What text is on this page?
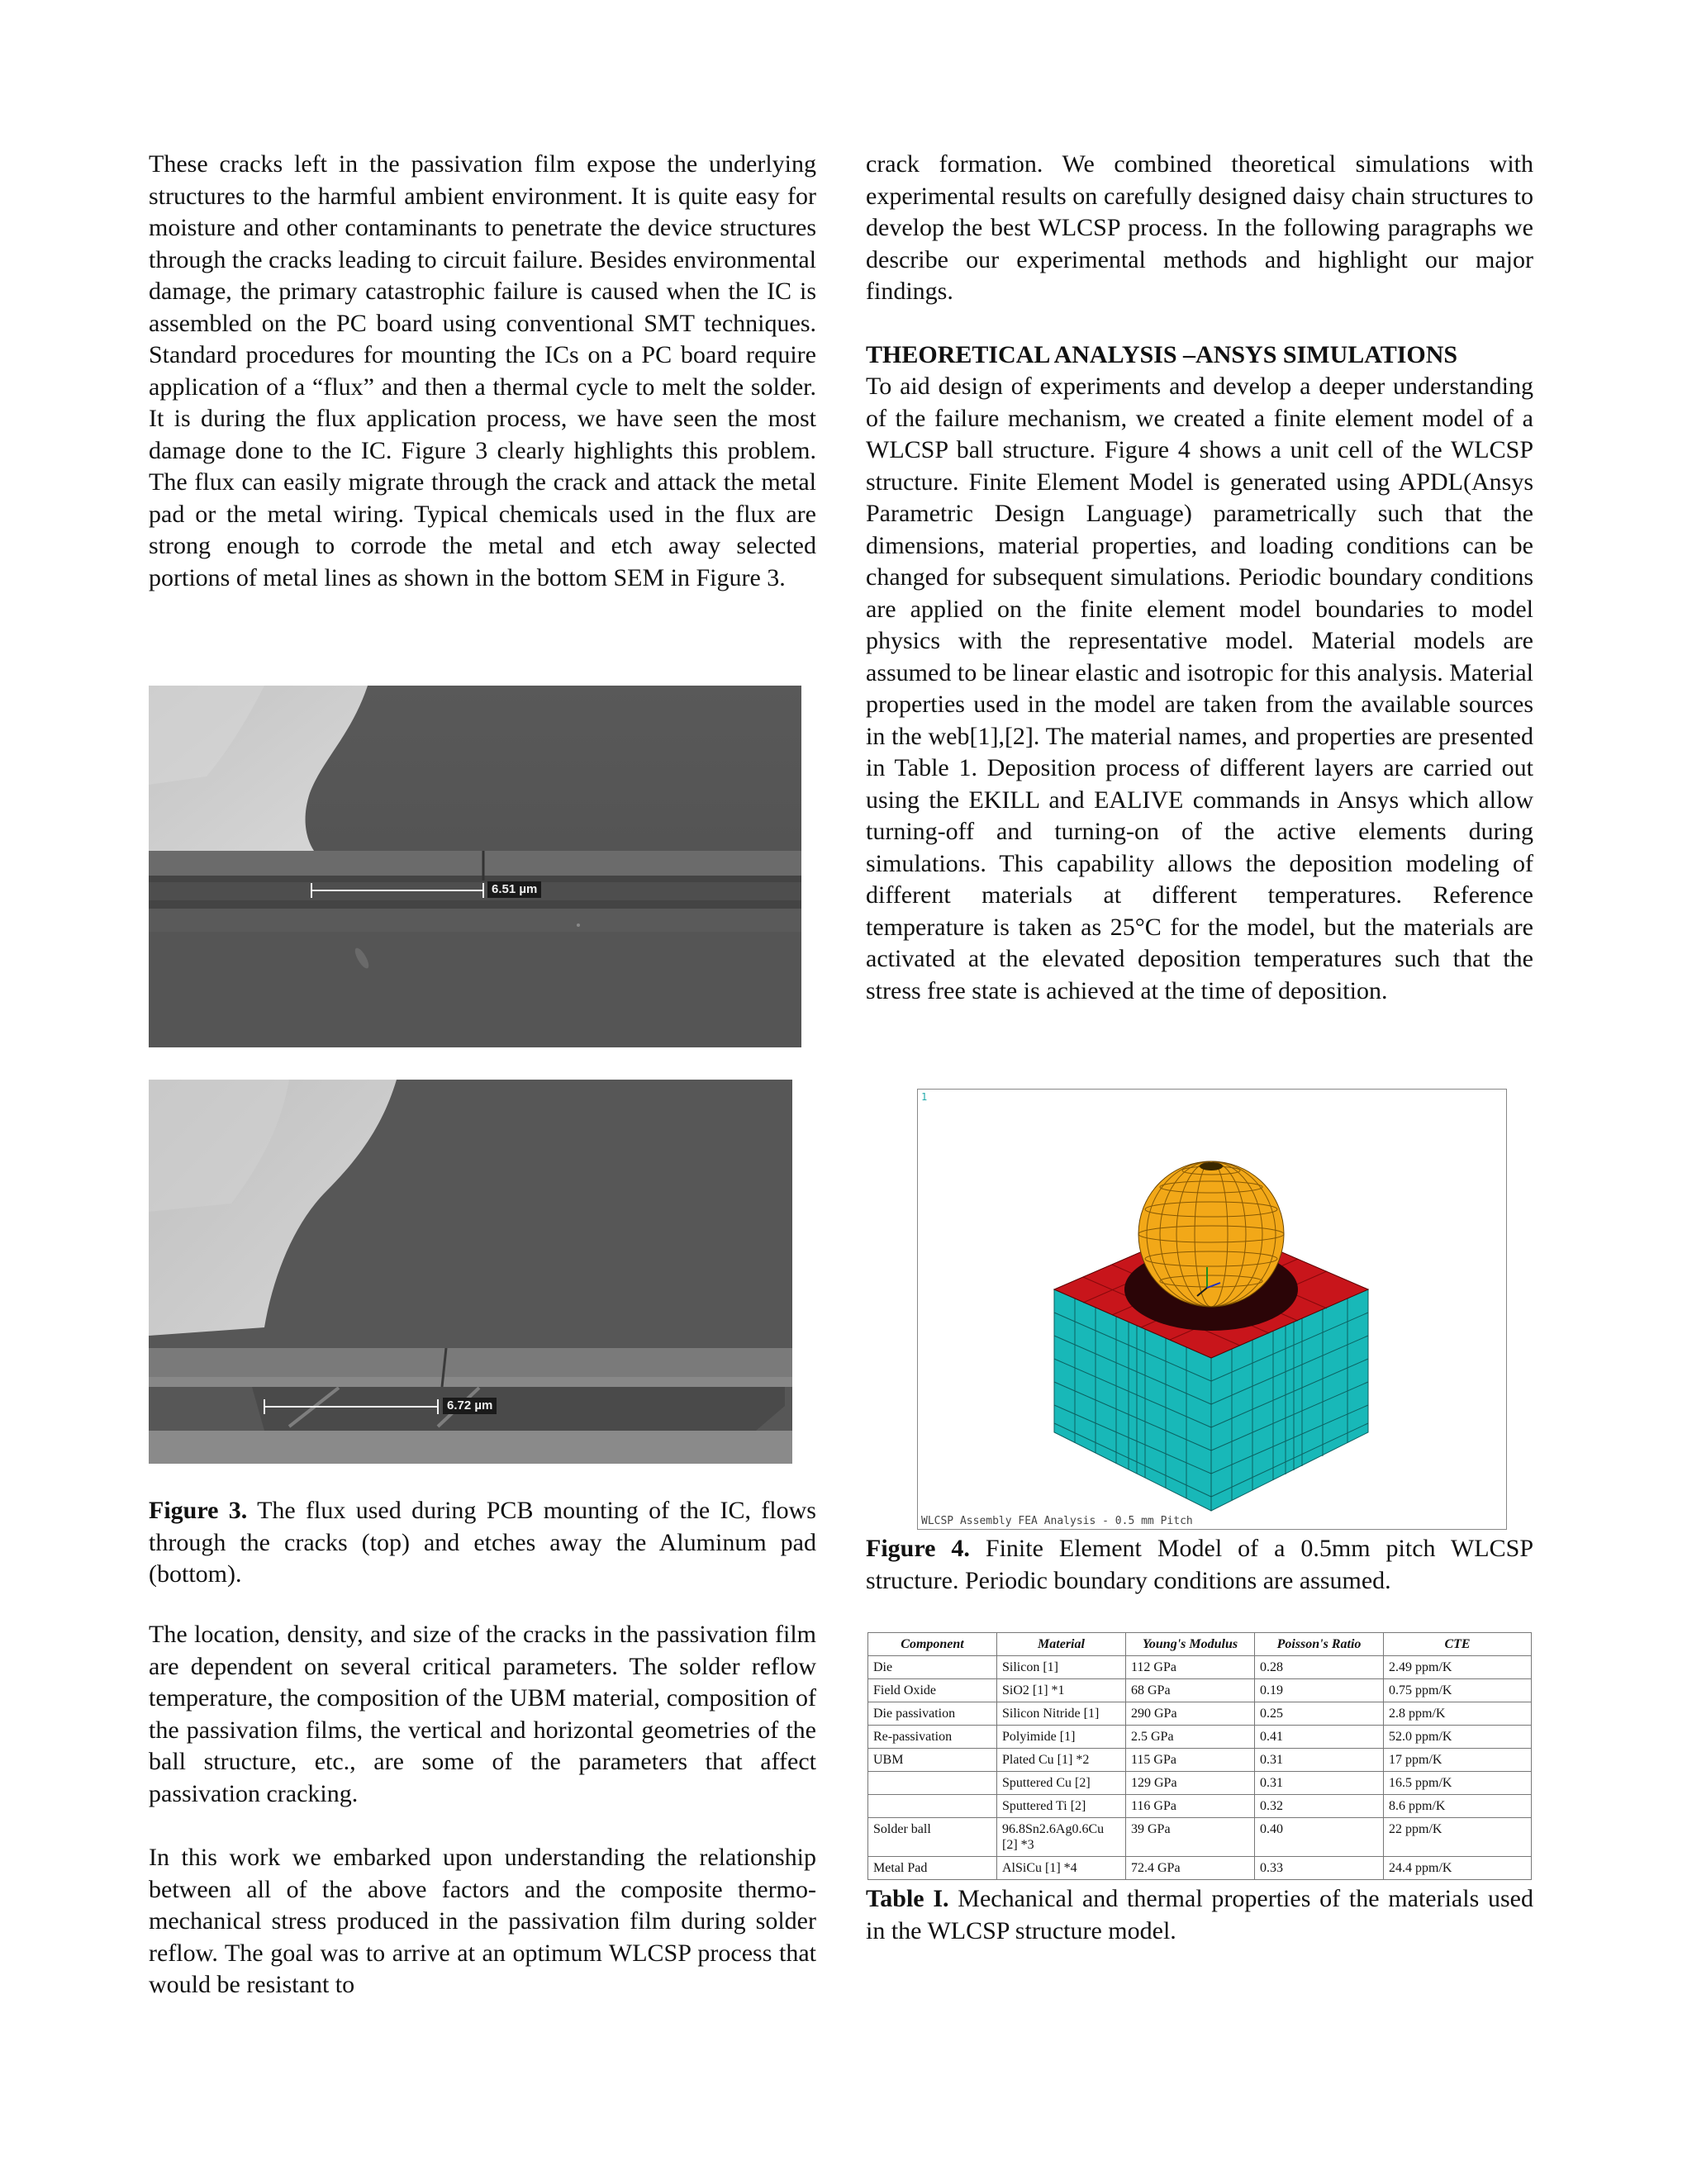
These cracks left in the passivation film expose the underlying structures to the harmful ambient environment. It is quite easy for moisture and other contaminants to penetrate the device structures through the cracks leading to circuit failure. Besides environmental damage, the primary catastrophic failure is caused when the IC is assembled on the PC board using conventional SMT techniques. Standard procedures for mounting the ICs on a PC board require application of a “flux” and then a thermal cycle to melt the solder. It is during the flux application process, we have seen the most damage done to the IC. Figure 3 clearly highlights this problem. The flux can easily migrate through the crack and attack the metal pad or the metal wiring. Typical chemicals used in the flux are strong enough to corrode the metal and etch away selected portions of metal lines as shown in the bottom SEM in Figure 3.

6.51 µm
6.72 µm

Figure 3. The flux used during PCB mounting of the IC, flows through the cracks (top) and etches away the Aluminum pad (bottom).

The location, density, and size of the cracks in the passivation film are dependent on several critical parameters. The solder reflow temperature, the composition of the UBM material, composition of the passivation films, the vertical and horizontal geometries of the ball structure, etc., are some of the parameters that affect passivation cracking.

In this work we embarked upon understanding the relationship between all of the above factors and the composite thermo-mechanical stress produced in the passivation film during solder reflow. The goal was to arrive at an optimum WLCSP process that would be resistant to

crack formation. We combined theoretical simulations with experimental results on carefully designed daisy chain structures to develop the best WLCSP process. In the following paragraphs we describe our experimental methods and highlight our major findings.

THEORETICAL ANALYSIS –ANSYS SIMULATIONS

To aid design of experiments and develop a deeper understanding of the failure mechanism, we created a finite element model of a WLCSP ball structure. Figure 4 shows a unit cell of the WLCSP structure. Finite Element Model is generated using APDL(Ansys Parametric Design Language) parametrically such that the dimensions, material properties, and loading conditions can be changed for subsequent simulations. Periodic boundary conditions are applied on the finite element model boundaries to model physics with the representative model. Material models are assumed to be linear elastic and isotropic for this analysis. Material properties used in the model are taken from the available sources in the web[1],[2]. The material names, and properties are presented in Table 1. Deposition process of different layers are carried out using the EKILL and EALIVE commands in Ansys which allow turning-off and turning-on of the active elements during simulations. This capability allows the deposition modeling of different materials at different temperatures. Reference temperature is taken as 25°C for the model, but the materials are activated at the elevated deposition temperatures such that the stress free state is achieved at the time of deposition.

1
WLCSP Assembly FEA Analysis - 0.5 mm Pitch

Figure 4. Finite Element Model of a 0.5mm pitch WLCSP structure. Periodic boundary conditions are assumed.

Component	Material	Young's Modulus	Poisson's Ratio	CTE
Die	Silicon [1]	112 GPa	0.28	2.49 ppm/K
Field Oxide	SiO2 [1] *1	68 GPa	0.19	0.75 ppm/K
Die passivation	Silicon Nitride [1]	290 GPa	0.25	2.8 ppm/K
Re-passivation	Polyimide [1]	2.5 GPa	0.41	52.0 ppm/K
UBM	Plated Cu [1] *2	115 GPa	0.31	17 ppm/K
	Sputtered Cu [2]	129 GPa	0.31	16.5 ppm/K
	Sputtered Ti [2]	116 GPa	0.32	8.6 ppm/K
Solder ball	96.8Sn2.6Ag0.6Cu [2] *3	39 GPa	0.40	22 ppm/K
Metal Pad	AlSiCu [1] *4	72.4 GPa	0.33	24.4 ppm/K

Table I. Mechanical and thermal properties of the materials used in the WLCSP structure model.
